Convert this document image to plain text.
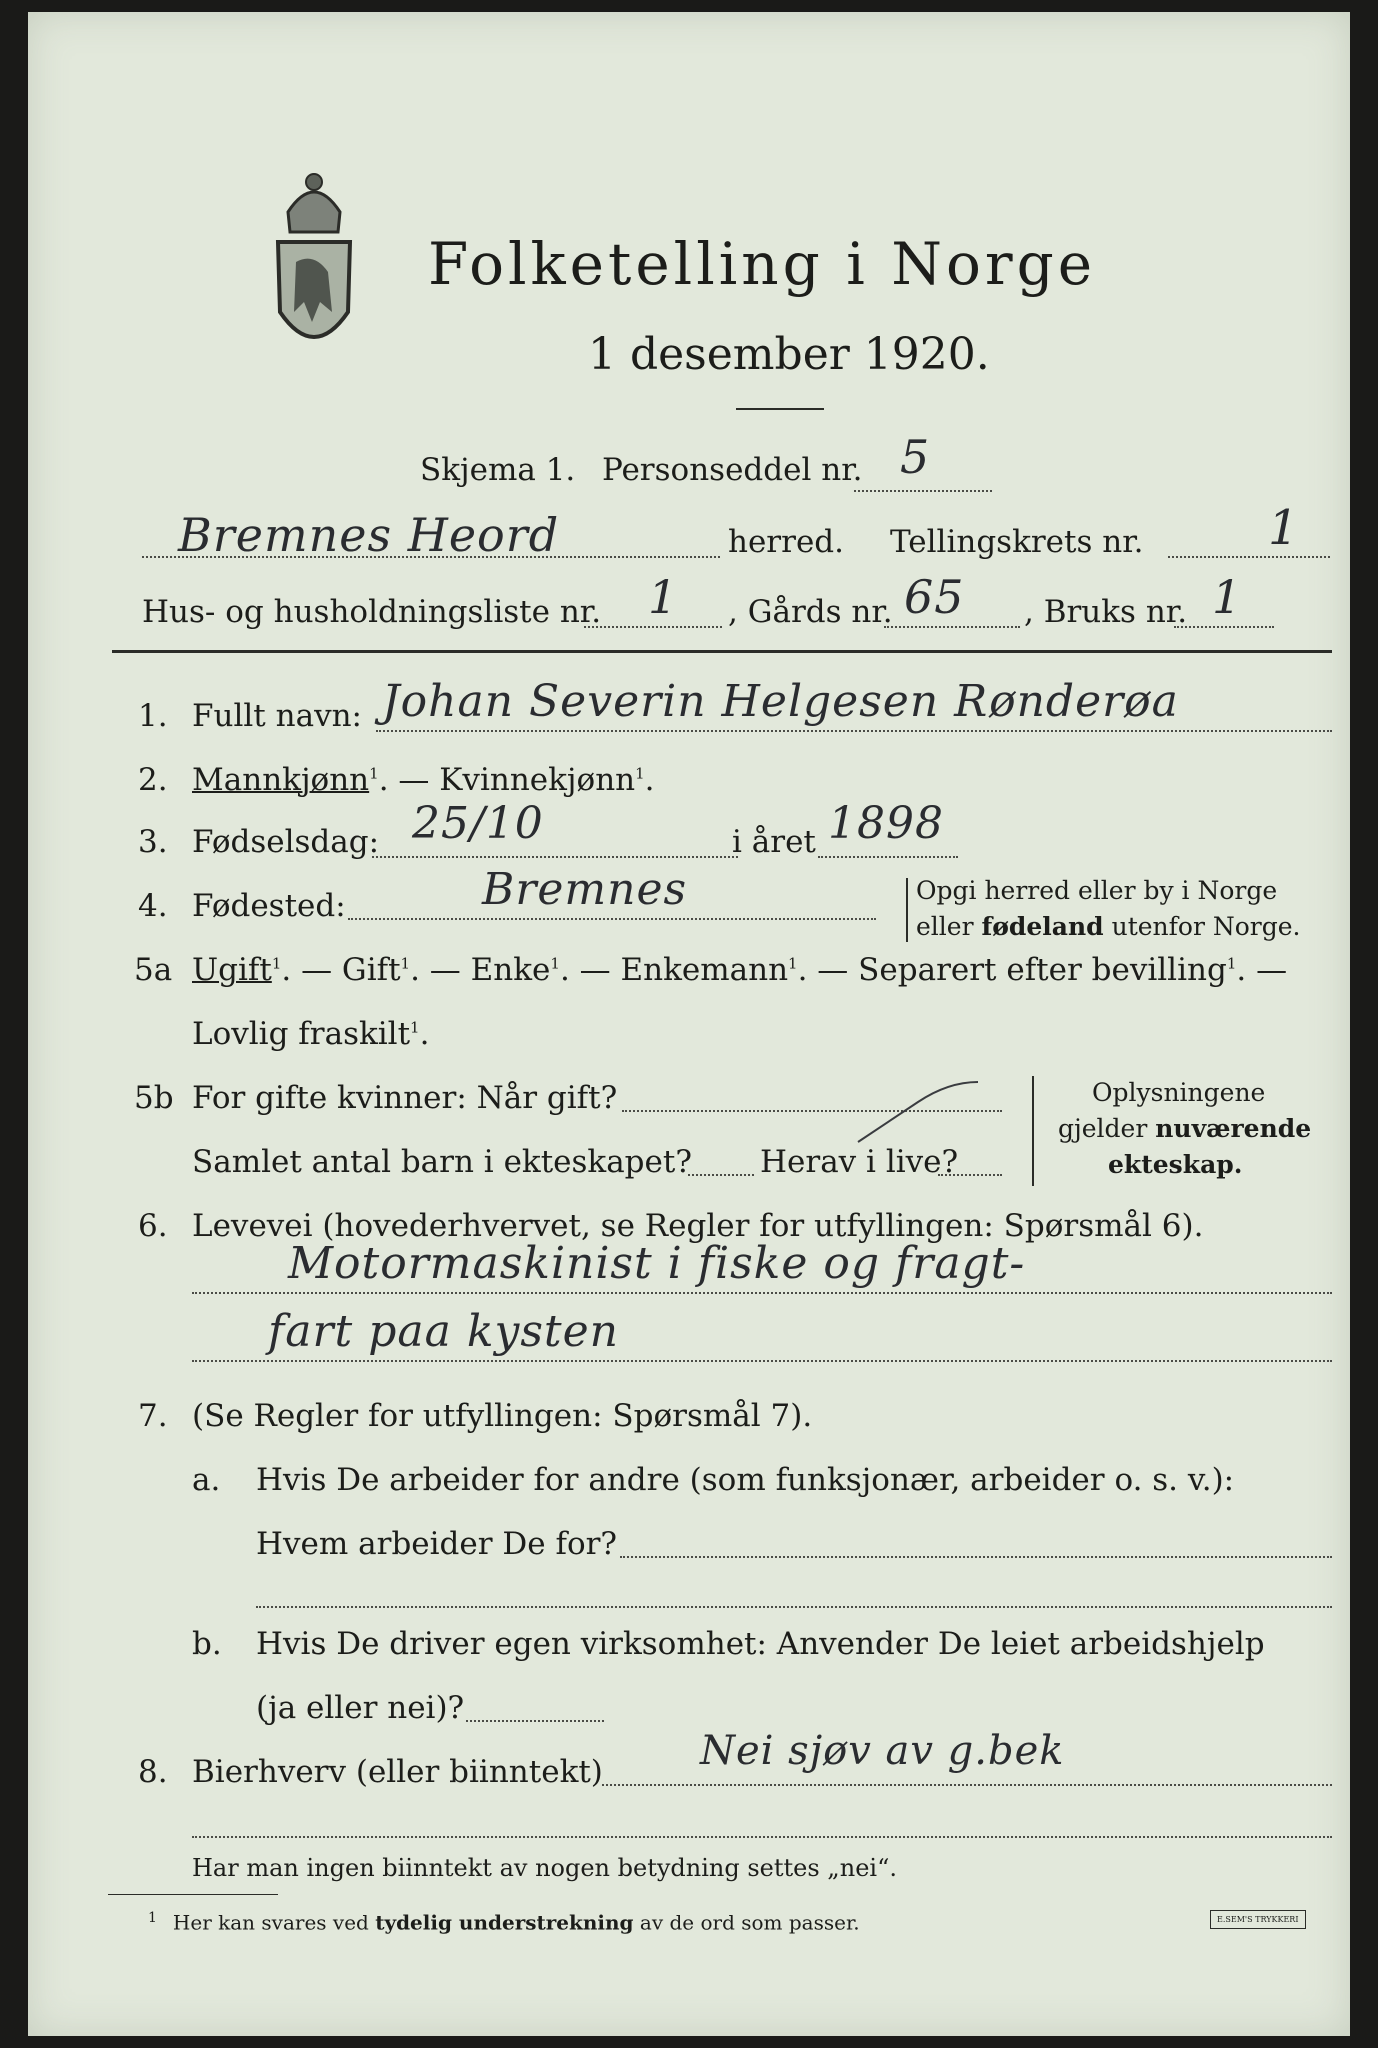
Folketelling i Norge
1 desember 1920.
Skjema 1. Personseddel nr. 5
Bremnes Heord	herred. Tellingskrets nr.	1
Hus- og husholdningsliste nr. 1 , Gårds nr. 65 , Bruks nr. 1
1. Fullt navn: Johan Severin Helgesen Rønderøa
2. Mannkjønn$^1$. — Kvinnekjønn$^1$.
3. Fødselsdag: 25/10	i året 1898
4. Fødested:	Bremnes	Opgi herred eller by i Norge
eller fødeland utenfor Norge.
5a Ugift$^1$. — Gift$^1$. — Enke$^1$. — Enkemann$^1$. — Separert efter bevilling$^1$. —
Lovlig fraskilt$^1$.
5b For gifte kvinner: Når gift?
Samlet antal barn i ekteskapet? Herav i live?
Oplysningene
gjelder nuværende
ekteskap.
6. Levevei (hovederhvervet, se Regler for utfyllingen: Spørsmål 6).
Motormaskinist i fiske og fragt-
fart paa kysten
7. (Se Regler for utfyllingen: Spørsmål 7).
a. Hvis De arbeider for andre (som funksjonær, arbeider o. s. v.):
Hvem arbeider De for?
b. Hvis De driver egen virksomhet: Anvender De leiet arbeidshjelp
(ja eller nei)?
8. Bierhverv (eller biinntekt) Nei sjøv av g.bek
Har man ingen biinntekt av nogen betydning settes „nei“.
$^1$ Her kan svares ved tydelig understrekning av de ord som passer.	E.SEM'S TRYKKERI
